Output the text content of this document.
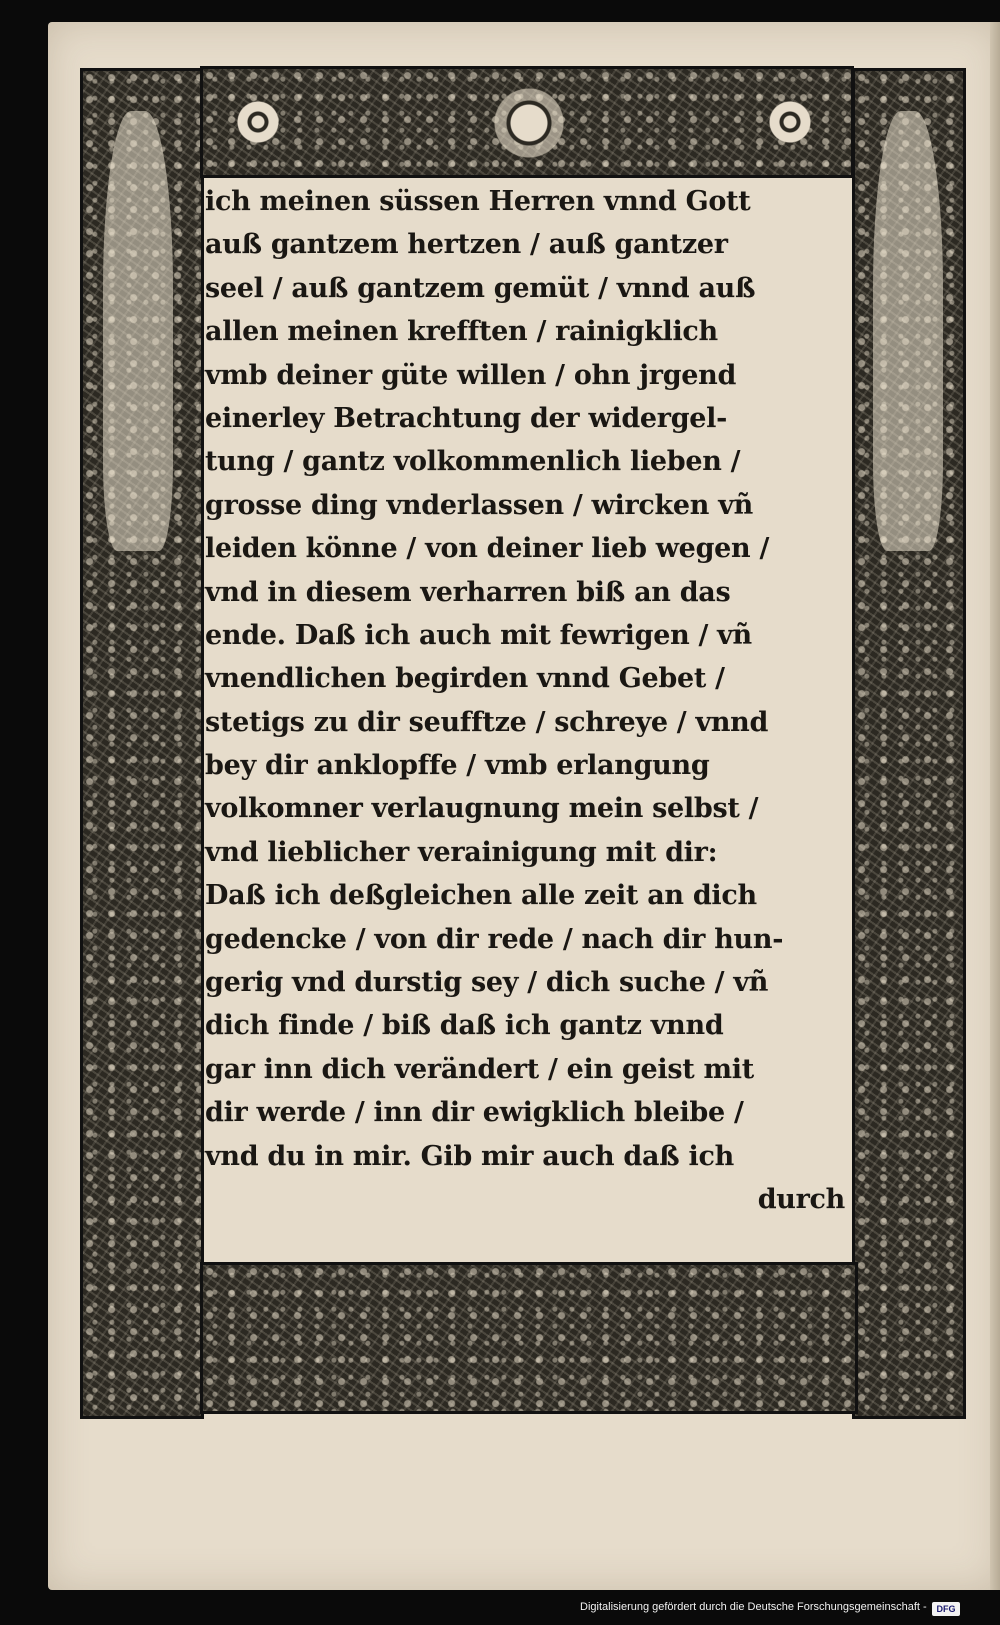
ich meinen süssen Herren vnnd Gott
auß gantzem hertzen / auß gantzer
seel / auß gantzem gemüt / vnnd auß
allen meinen krefften / rainigklich
vmb deiner güte willen / ohn jrgend
einerley Betrachtung der widergel-
tung / gantz volkommenlich lieben /
grosse ding vnderlassen / wircken vñ
leiden könne / von deiner lieb wegen /
vnd in diesem verharren biß an das
ende. Daß ich auch mit fewrigen / vñ
vnendlichen begirden vnnd Gebet /
stetigs zu dir seufftze / schreye / vnnd
bey dir anklopffe / vmb erlangung
volkomner verlaugnung mein selbst /
vnd lieblicher verainigung mit dir:
Daß ich deßgleichen alle zeit an dich
gedencke / von dir rede / nach dir hun-
gerig vnd durstig sey / dich suche / vñ
dich finde / biß daß ich gantz vnnd
gar inn dich verändert / ein geist mit
dir werde / inn dir ewigklich bleibe /
vnd du in mir. Gib mir auch daß ich
durch
Digitalisierung gefördert durch die Deutsche Forschungsgemeinschaft -	DFG
